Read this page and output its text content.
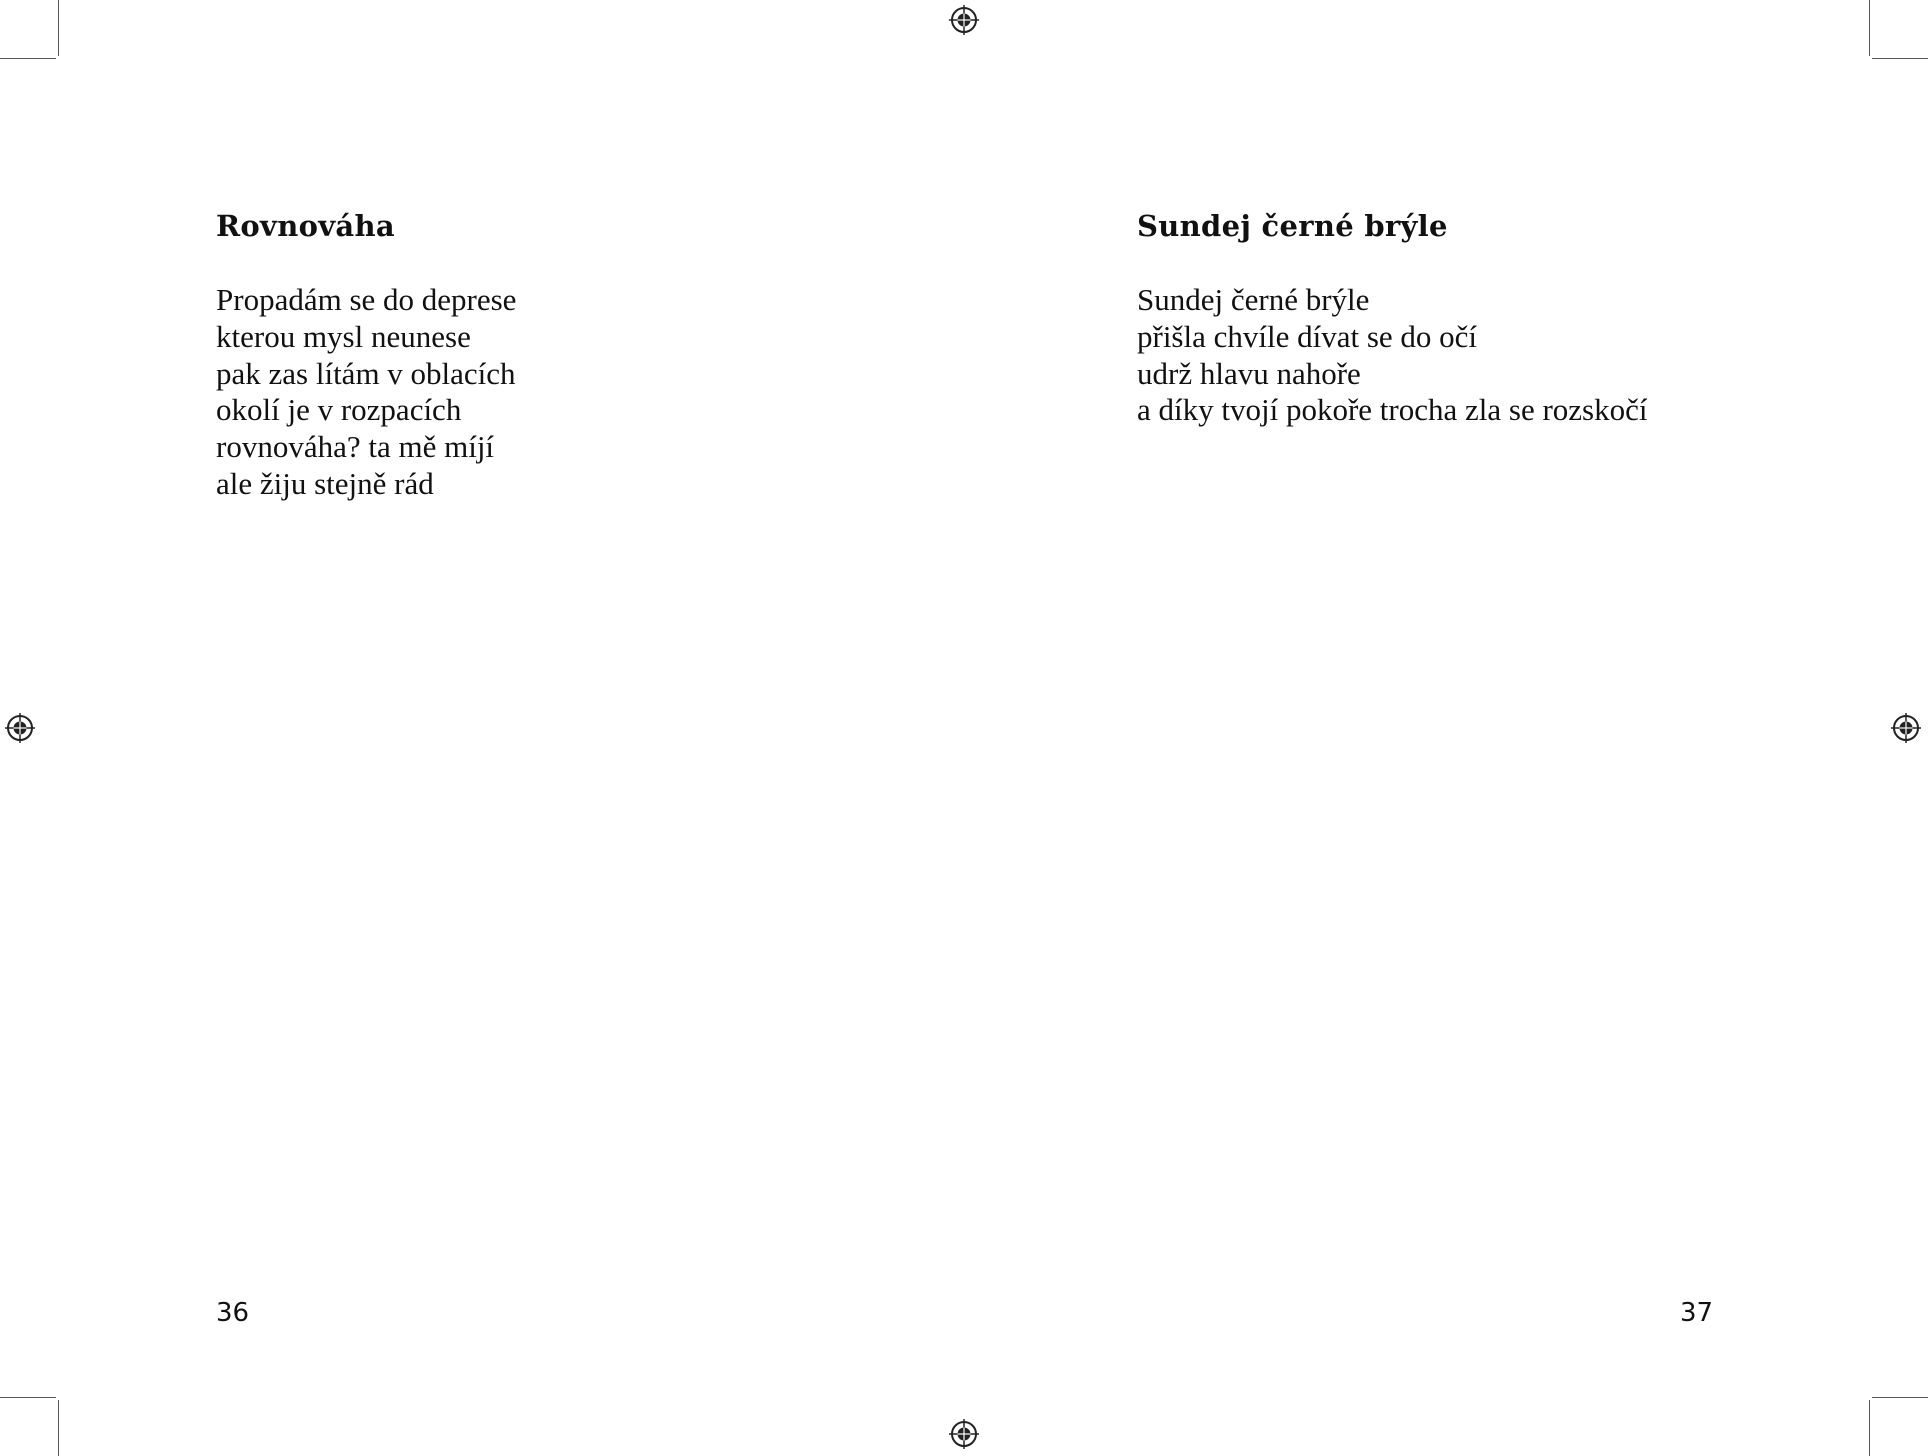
Rovnováha
Propadám se do deprese
kterou mysl neunese
pak zas lítám v oblacích
okolí je v rozpacích
rovnováha? ta mě míjí
ale žiju stejně rád
36
Sundej černé brýle
Sundej černé brýle
přišla chvíle dívat se do očí
udrž hlavu nahoře
a díky tvojí pokoře trocha zla se rozskočí
37
